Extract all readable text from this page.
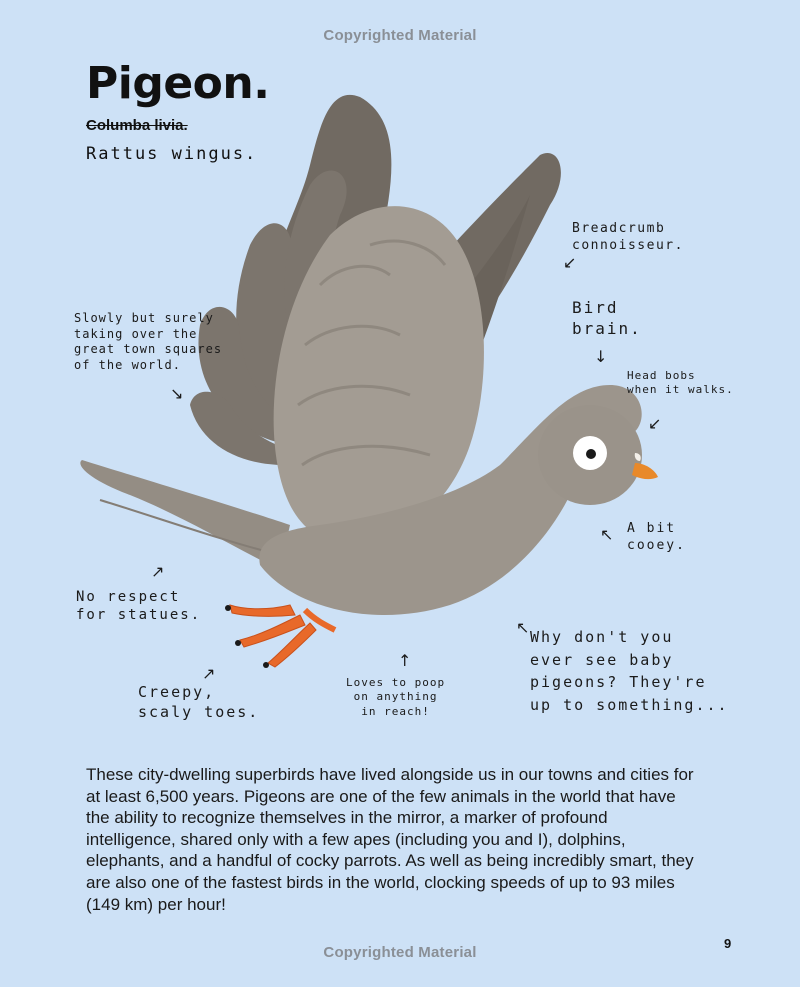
Copyrighted Material
Pigeon.
Columba livia.
Rattus wingus.
Breadcrumb
connoisseur.
Bird
brain.
Slowly but surely
taking over the
great town squares
of the world.
Head bobs
when it walks.
A bit
cooey.
No respect
for statues.
Creepy,
scaly toes.
Loves to poop
on anything
in reach!
Why don't you
ever see baby
pigeons? They're
up to something...
↙
↓
↘
↙
↖
↗
↖
↑
↗

These city-dwelling superbirds have lived alongside us in our towns and cities for at least 6,500 years. Pigeons are one of the few animals in the world that have the ability to recognize themselves in the mirror, a marker of profound intelligence, shared only with a few apes (including you and I), dolphins, elephants, and a handful of cocky parrots. As well as being incredibly smart, they are also one of the fastest birds in the world, clocking speeds of up to 93 miles (149 km) per hour!

9
Copyrighted Material
